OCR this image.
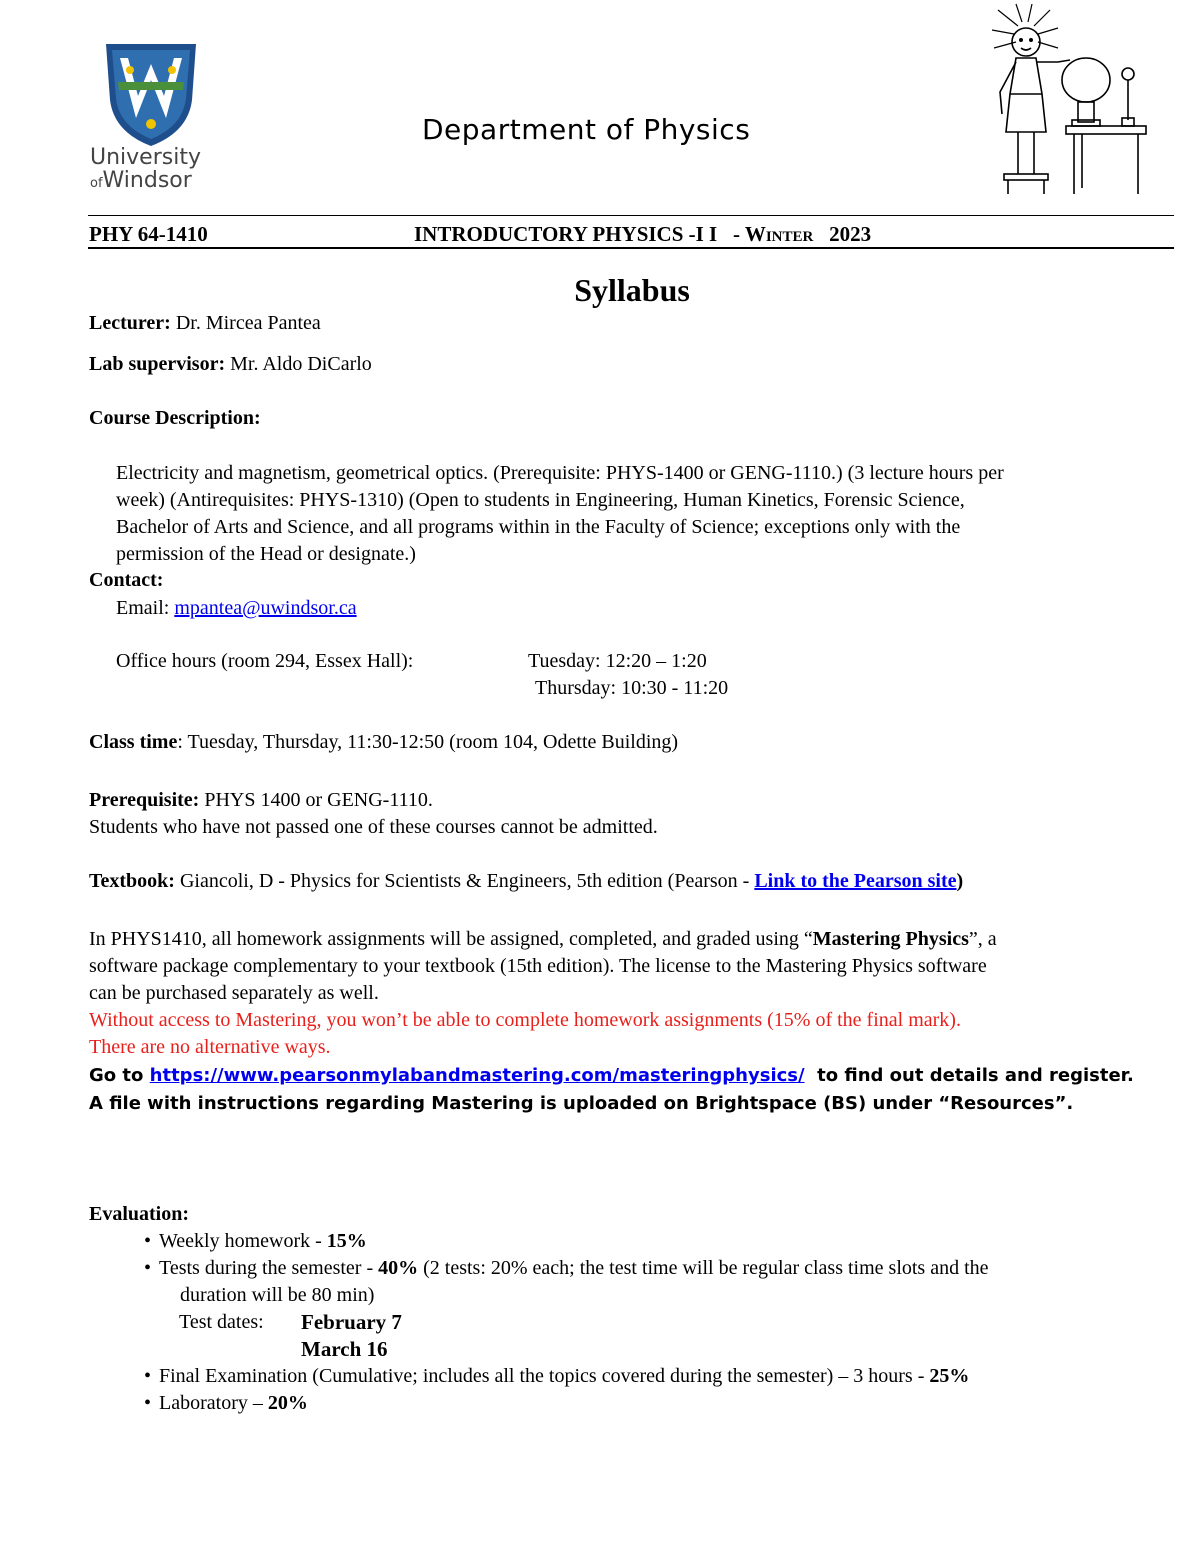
University
ofWindsor
Department of Physics
PHY 64-1410	INTRODUCTORY PHYSICS -I I   - WINTER 2023
Syllabus
Lecturer: Dr. Mircea Pantea
Lab supervisor: Mr. Aldo DiCarlo
Course Description:

Electricity and magnetism, geometrical optics. (Prerequisite: PHYS-1400 or GENG-1110.) (3 lecture hours per
week) (Antirequisites: PHYS-1310) (Open to students in Engineering, Human Kinetics, Forensic Science,
Bachelor of Arts and Science, and all programs within in the Faculty of Science; exceptions only with the
permission of the Head or designate.)

Contact:
Email: mpantea@uwindsor.ca
Office hours (room 294, Essex Hall):	Tuesday: 12:20 – 1:20
Thursday: 10:30 - 11:20
Class time: Tuesday, Thursday, 11:30-12:50 (room 104, Odette Building)
Prerequisite: PHYS 1400 or GENG-1110.
Students who have not passed one of these courses cannot be admitted.
Textbook: Giancoli, D - Physics for Scientists & Engineers, 5th edition (Pearson - Link to the Pearson site)
In PHYS1410, all homework assignments will be assigned, completed, and graded using “Mastering Physics”, a
software package complementary to your textbook (15th edition). The license to the Mastering Physics software
can be purchased separately as well.
Without access to Mastering, you won’t be able to complete homework assignments (15% of the final mark).
There are no alternative ways.
Go to https://www.pearsonmylabandmastering.com/masteringphysics/  to find out details and register.
A file with instructions regarding Mastering is uploaded on Brightspace (BS) under “Resources”.
Evaluation:
• Weekly homework - 15%
• Tests during the semester - 40% (2 tests: 20% each; the test time will be regular class time slots and the
duration will be 80 min)
Test dates: February 7
March 16
• Final Examination (Cumulative; includes all the topics covered during the semester) – 3 hours - 25%
• Laboratory – 20%
